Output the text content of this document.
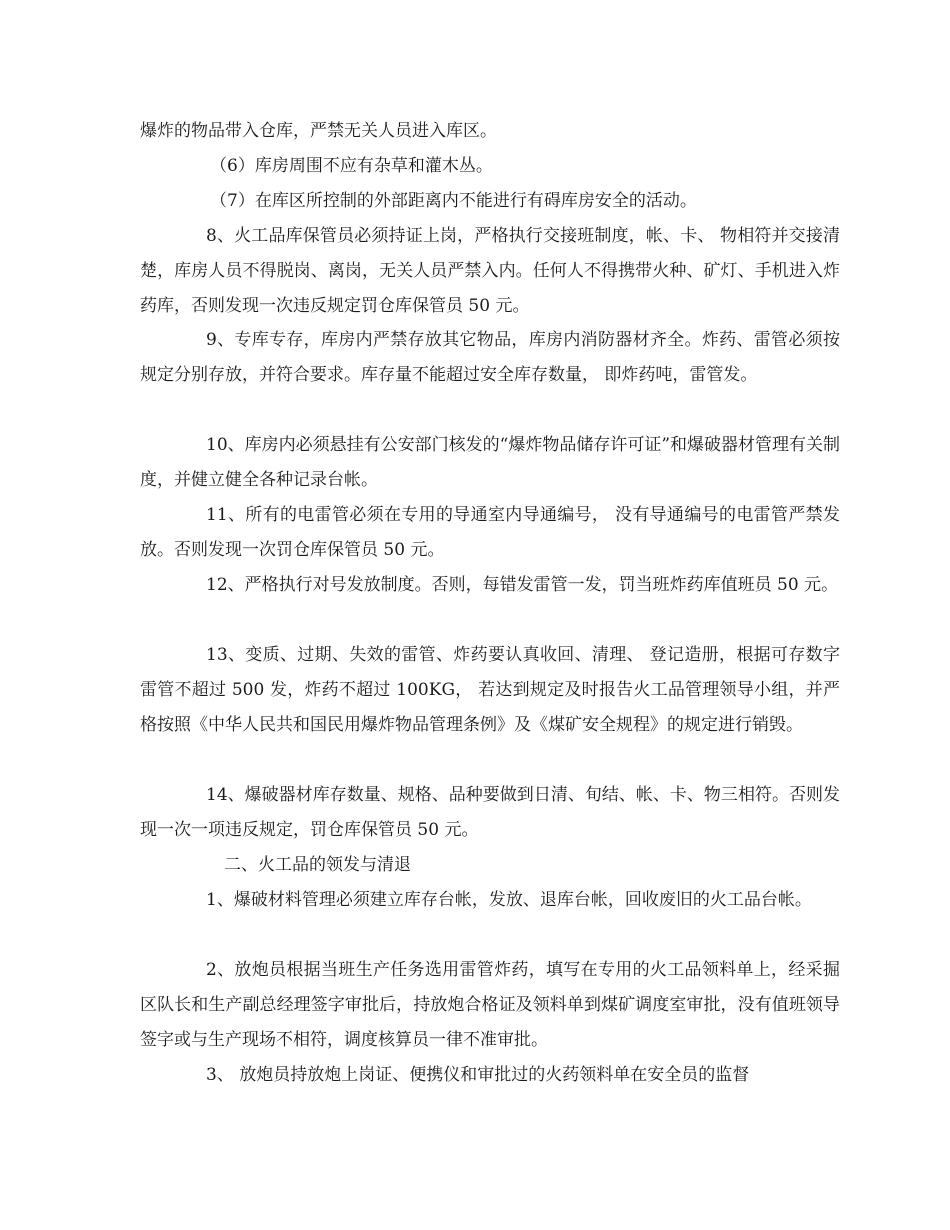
爆炸的物品带入仓库，严禁无关人员进入库区。

（6）库房周围不应有杂草和灌木丛。

（7）在库区所控制的外部距离内不能进行有碍库房安全的活动。

8、火工品库保管员必须持证上岗，严格执行交接班制度，帐、卡、 物相符并交接清楚，库房人员不得脱岗、离岗，无关人员严禁入内。任何人不得携带火种、矿灯、手机进入炸药库，否则发现一次违反规定罚仓库保管员 50 元。

9、专库专存，库房内严禁存放其它物品，库房内消防器材齐全。炸药、雷管必须按规定分别存放，并符合要求。库存量不能超过安全库存数量， 即炸药吨，雷管发。

10、库房内必须悬挂有公安部门核发的“爆炸物品储存许可证”和爆破器材管理有关制度，并健立健全各种记录台帐。

11、所有的电雷管必须在专用的导通室内导通编号， 没有导通编号的电雷管严禁发放。否则发现一次罚仓库保管员 50 元。

12、严格执行对号发放制度。否则，每错发雷管一发，罚当班炸药库值班员 50 元。

13、变质、过期、失效的雷管、炸药要认真收回、清理、 登记造册，根据可存数字雷管不超过 500 发，炸药不超过 100KG， 若达到规定及时报告火工品管理领导小组，并严格按照《中华人民共和国民用爆炸物品管理条例》及《煤矿安全规程》的规定进行销毁。

14、爆破器材库存数量、规格、品种要做到日清、旬结、帐、卡、物三相符。否则发现一次一项违反规定，罚仓库保管员 50 元。

二、火工品的领发与清退

1、爆破材料管理必须建立库存台帐，发放、退库台帐，回收废旧的火工品台帐。

2、放炮员根据当班生产任务选用雷管炸药，填写在专用的火工品领料单上，经采掘区队长和生产副总经理签字审批后，持放炮合格证及领料单到煤矿调度室审批，没有值班领导签字或与生产现场不相符，调度核算员一律不准审批。

3、 放炮员持放炮上岗证、便携仪和审批过的火药领料单在安全员的监督
